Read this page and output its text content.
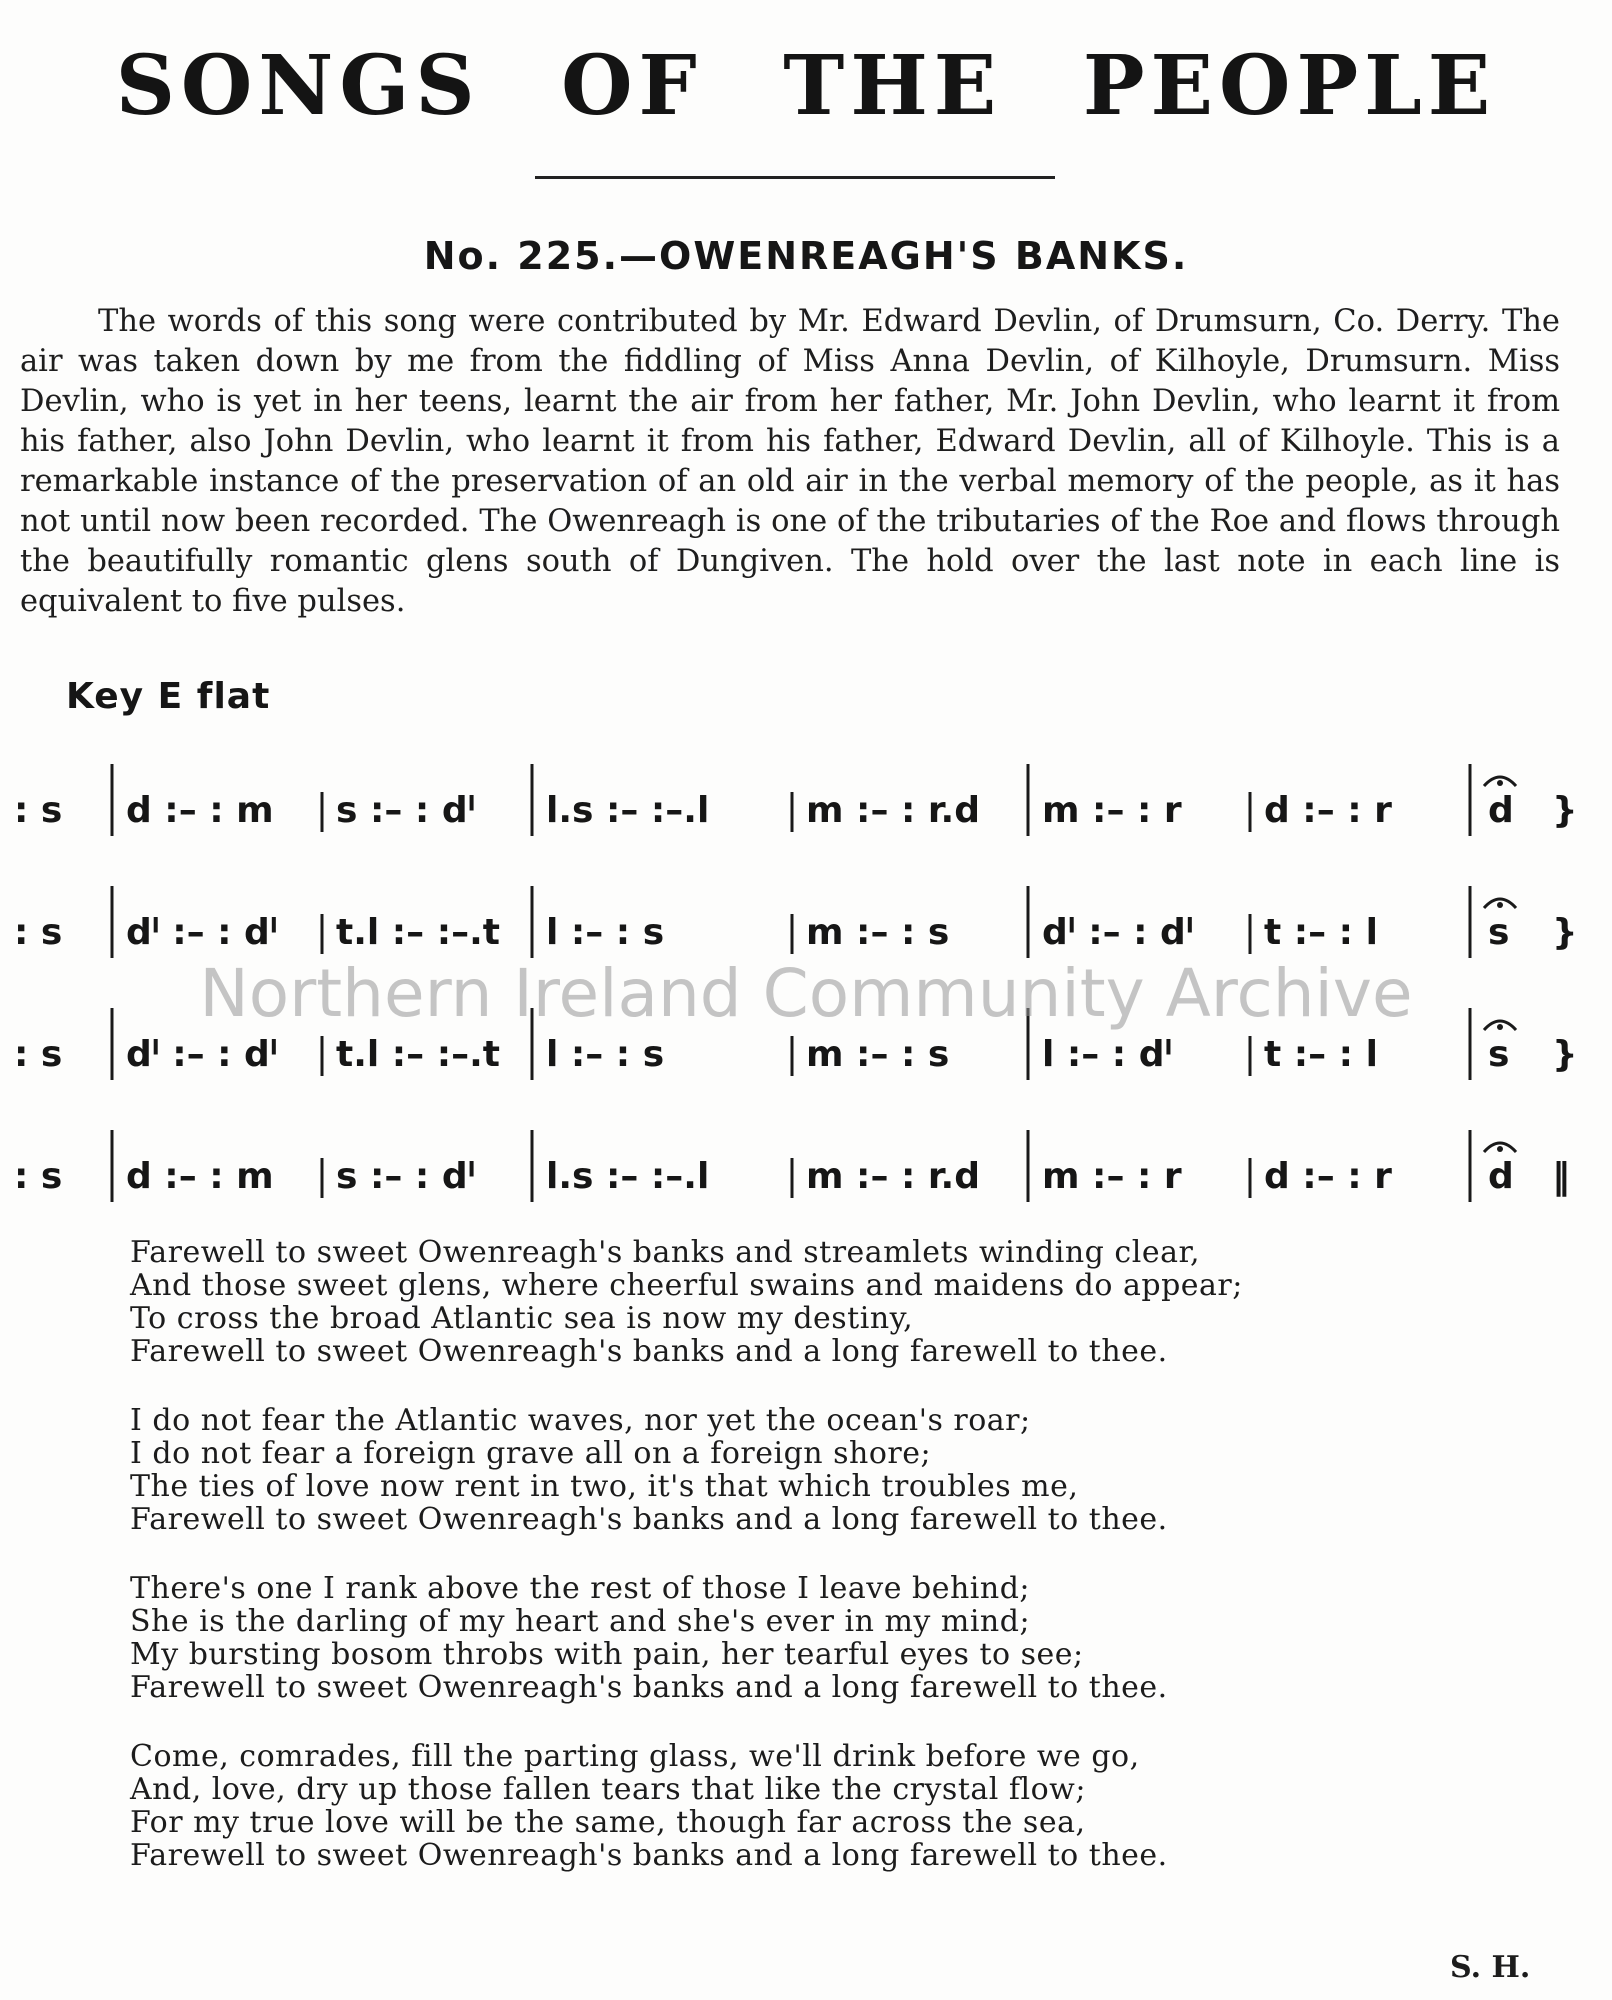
SONGS OF THE PEOPLE
No. 225.—OWENREAGH'S BANKS.
The words of this song were contributed by Mr. Edward Devlin, of Drumsurn, Co. Derry. The air was taken down by me from the fiddling of Miss Anna Devlin, of Kilhoyle, Drumsurn. Miss Devlin, who is yet in her teens, learnt the air from her father, Mr. John Devlin, who learnt it from his father, also John Devlin, who learnt it from his father, Edward Devlin, all of Kilhoyle. This is a remarkable instance of the preservation of an old air in the verbal memory of the people, as it has not until now been recorded. The Owenreagh is one of the tributaries of the Roe and flows through the beautifully romantic glens south of Dungiven. The hold over the last note in each line is equivalent to five pulses.
Key E flat
: s d :– : m s :– : dˡ l.s :– :–.l	m :– : r.d m :– : r d :– : r	d }
: s dˡ :– : dˡ t.l :– :–.t l :– : s	m :– : s	dˡ :– : dˡ t :– : l	s }
: s dˡ :– : dˡ t.l :– :–.t l :– : s	m :– : s	l :– : dˡ	t :– : l	s }
: s d :– : m s :– : dˡ l.s :– :–.l	m :– : r.d m :– : r d :– : r	d ‖
Farewell to sweet Owenreagh's banks and streamlets winding clear,
And those sweet glens, where cheerful swains and maidens do appear;
To cross the broad Atlantic sea is now my destiny,
Farewell to sweet Owenreagh's banks and a long farewell to thee.
I do not fear the Atlantic waves, nor yet the ocean's roar;
I do not fear a foreign grave all on a foreign shore;
The ties of love now rent in two, it's that which troubles me,
Farewell to sweet Owenreagh's banks and a long farewell to thee.
There's one I rank above the rest of those I leave behind;
She is the darling of my heart and she's ever in my mind;
My bursting bosom throbs with pain, her tearful eyes to see;
Farewell to sweet Owenreagh's banks and a long farewell to thee.
Come, comrades, fill the parting glass, we'll drink before we go,
And, love, dry up those fallen tears that like the crystal flow;
For my true love will be the same, though far across the sea,
Farewell to sweet Owenreagh's banks and a long farewell to thee.
S. H.
Northern Ireland Community Archive
